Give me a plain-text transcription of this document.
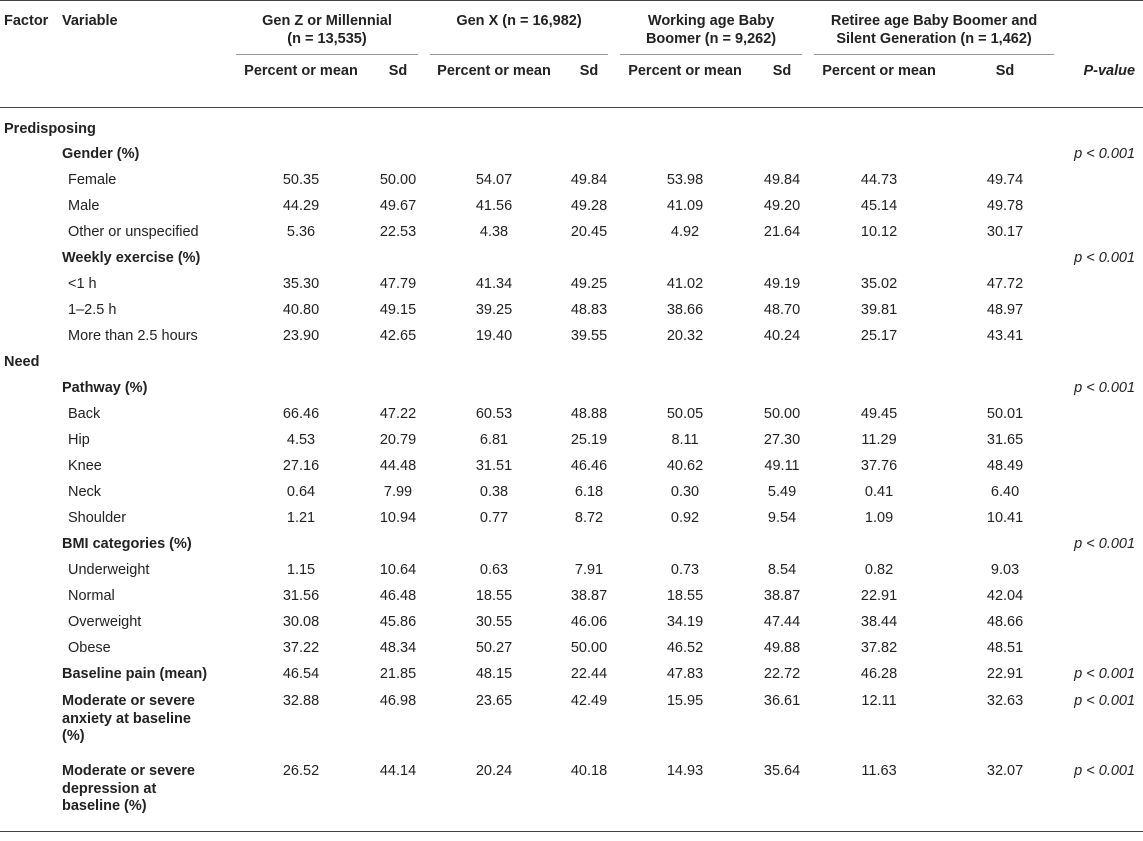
Factor	Variable	Gen Z or Millennial
(n = 13,535)		Gen X (n = 16,982)		Working age Baby
Boomer (n = 9,262)		Retiree age Baby Boomer and
Silent Generation (n = 1,462)		

		Percent or mean	Sd	Percent or mean	Sd	Percent or mean	Sd	Percent or mean	Sd	P-value
Predisposing										
	Gender (%)									p < 0.001
	Female	50.35	50.00	54.07	49.84	53.98	49.84	44.73	49.74	
	Male	44.29	49.67	41.56	49.28	41.09	49.20	45.14	49.78	
	Other or unspecified	5.36	22.53	4.38	20.45	4.92	21.64	10.12	30.17	
	Weekly exercise (%)									p < 0.001
	<1 h	35.30	47.79	41.34	49.25	41.02	49.19	35.02	47.72	
	1–2.5 h	40.80	49.15	39.25	48.83	38.66	48.70	39.81	48.97	
	More than 2.5 hours	23.90	42.65	19.40	39.55	20.32	40.24	25.17	43.41	
Need										
	Pathway (%)									p < 0.001
	Back	66.46	47.22	60.53	48.88	50.05	50.00	49.45	50.01	
	Hip	4.53	20.79	6.81	25.19	8.11	27.30	11.29	31.65	
	Knee	27.16	44.48	31.51	46.46	40.62	49.11	37.76	48.49	
	Neck	0.64	7.99	0.38	6.18	0.30	5.49	0.41	6.40	
	Shoulder	1.21	10.94	0.77	8.72	0.92	9.54	1.09	10.41	
	BMI categories (%)									p < 0.001
	Underweight	1.15	10.64	0.63	7.91	0.73	8.54	0.82	9.03	
	Normal	31.56	46.48	18.55	38.87	18.55	38.87	22.91	42.04	
	Overweight	30.08	45.86	30.55	46.06	34.19	47.44	38.44	48.66	
	Obese	37.22	48.34	50.27	50.00	46.52	49.88	37.82	48.51	
	Baseline pain (mean)	46.54	21.85	48.15	22.44	47.83	22.72	46.28	22.91	p < 0.001
	Moderate or severe
anxiety at baseline
(%)	32.88	46.98	23.65	42.49	15.95	36.61	12.11	32.63	p < 0.001
	Moderate or severe
depression at
baseline (%)	26.52	44.14	20.24	40.18	14.93	35.64	11.63	32.07	p < 0.001
